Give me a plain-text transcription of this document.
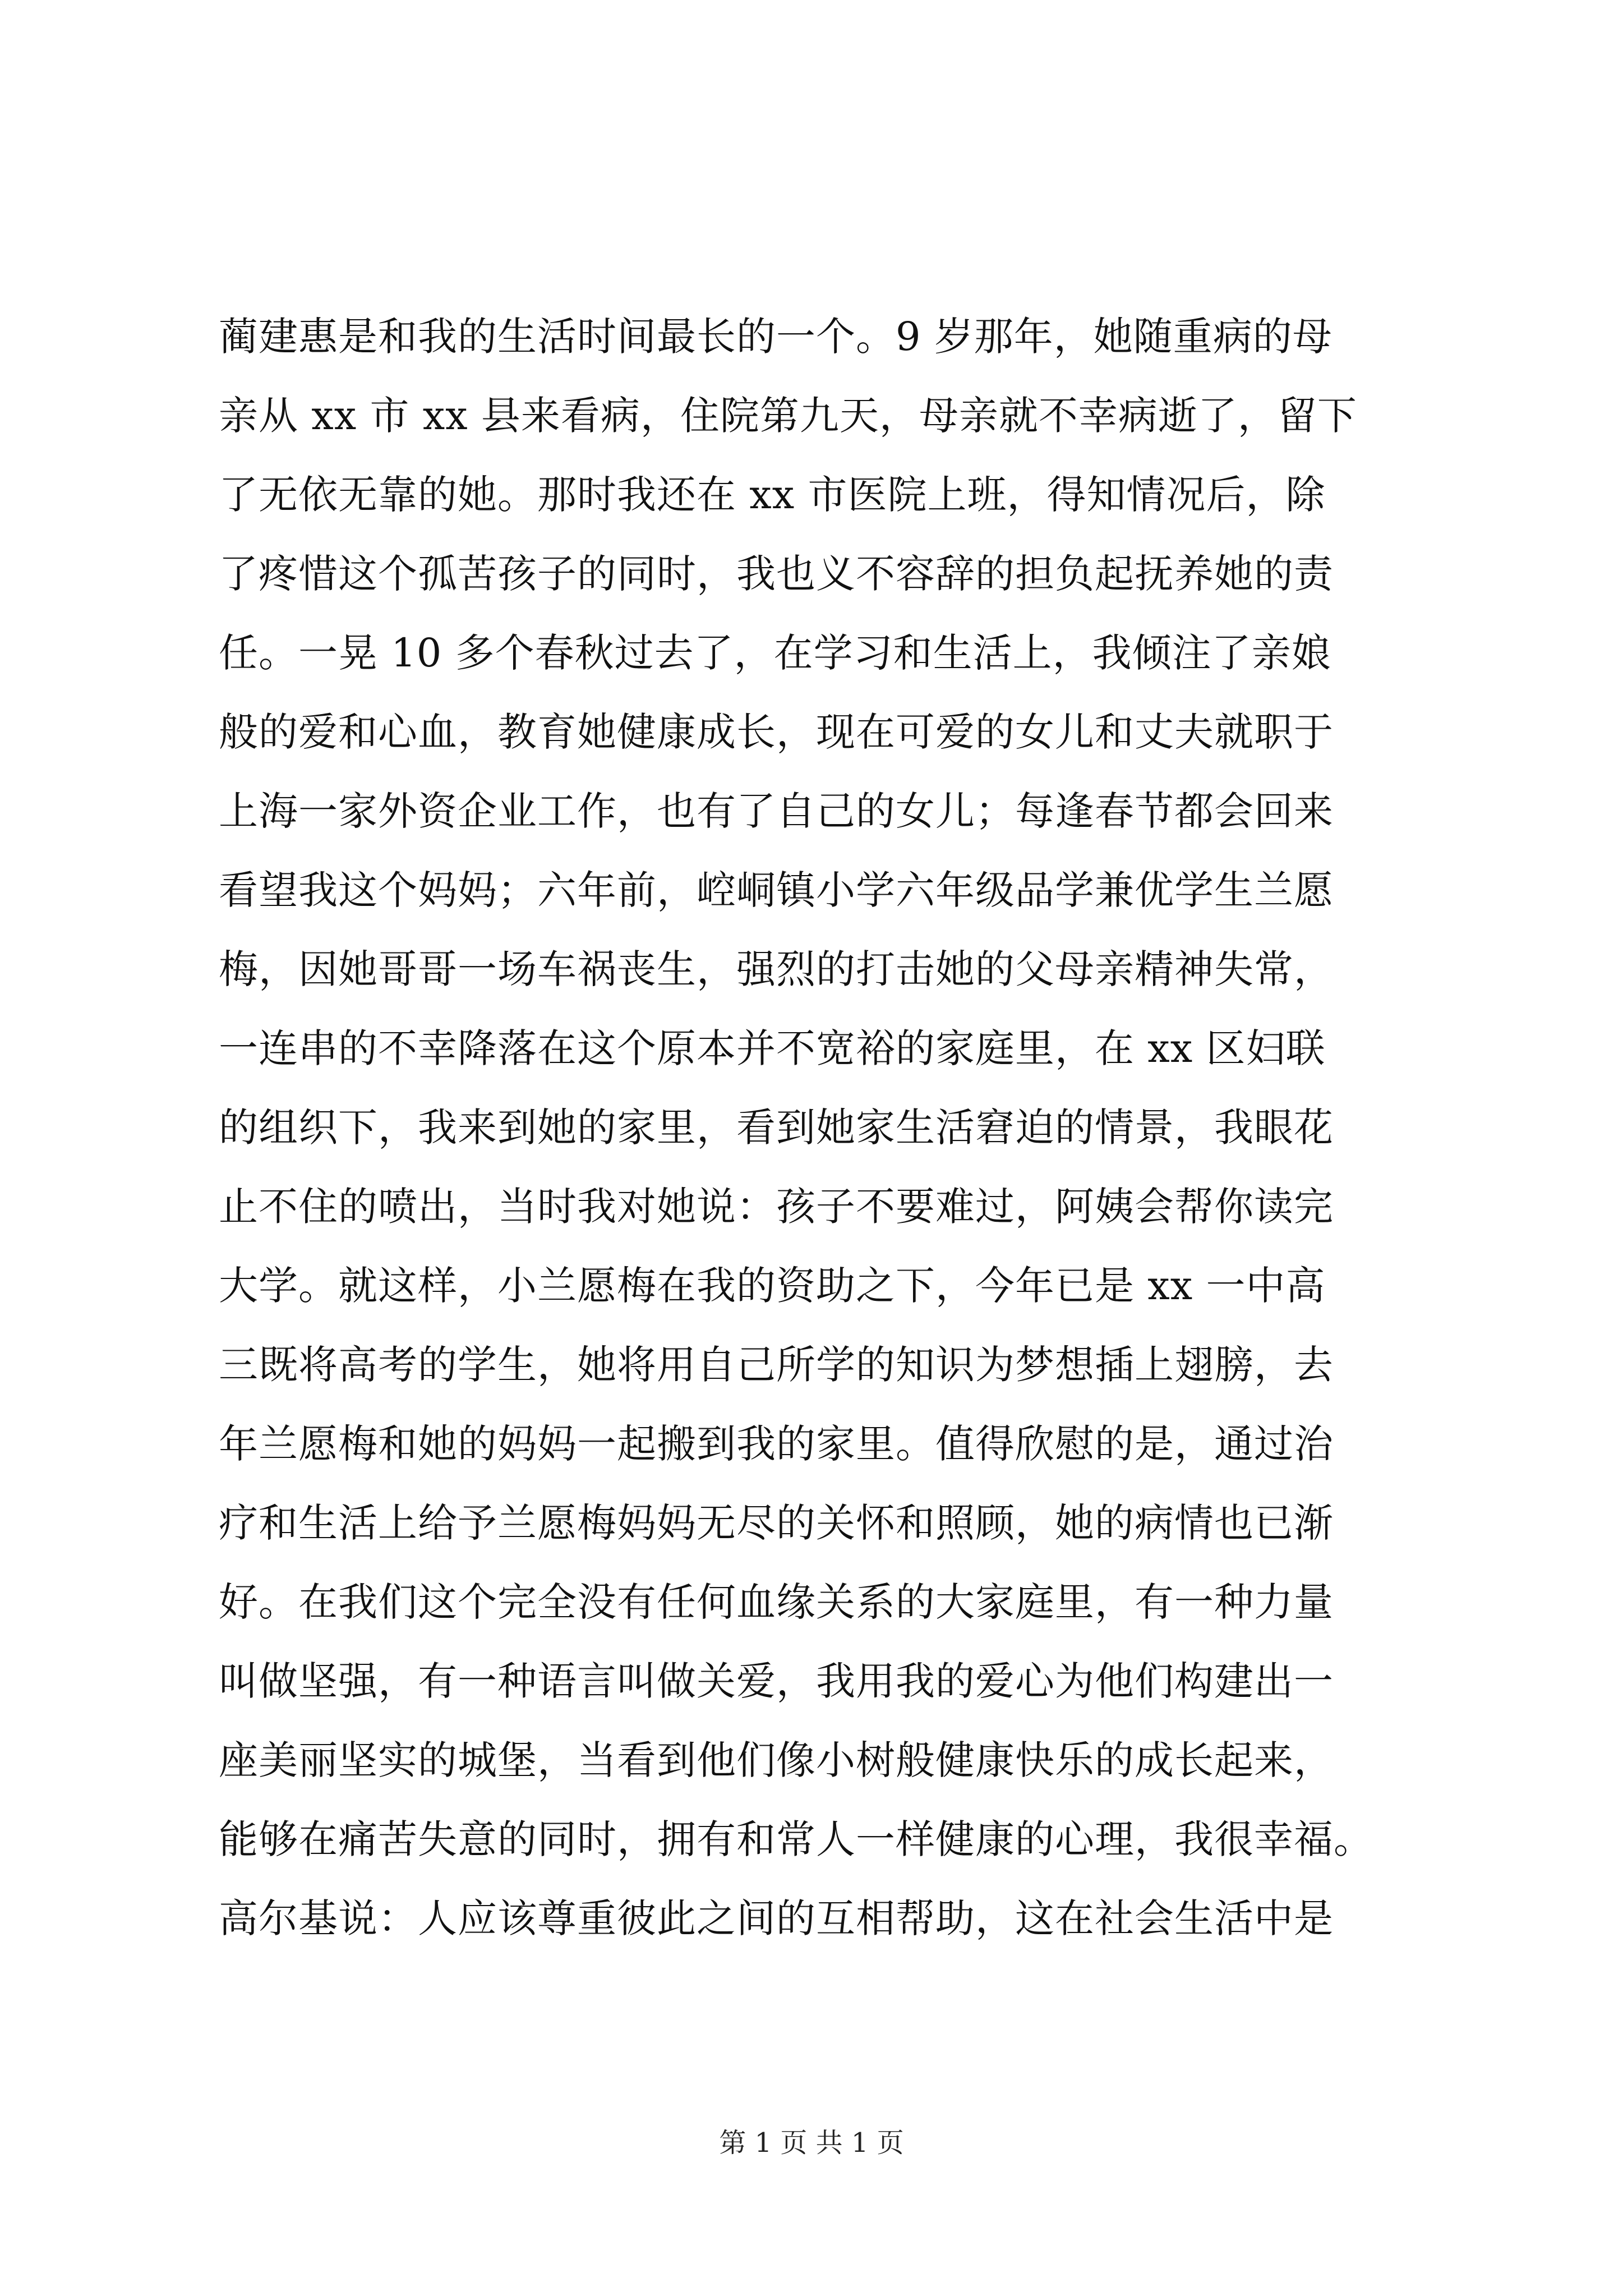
蔺建惠是和我的生活时间最长的一个。9 岁那年，她随重病的母
亲从 xx 市 xx 县来看病，住院第九天，母亲就不幸病逝了，留下
了无依无靠的她。那时我还在 xx 市医院上班，得知情况后，除
了疼惜这个孤苦孩子的同时，我也义不容辞的担负起抚养她的责
任。一晃 10 多个春秋过去了，在学习和生活上，我倾注了亲娘
般的爱和心血，教育她健康成长，现在可爱的女儿和丈夫就职于
上海一家外资企业工作，也有了自己的女儿；每逢春节都会回来
看望我这个妈妈；六年前，崆峒镇小学六年级品学兼优学生兰愿
梅，因她哥哥一场车祸丧生，强烈的打击她的父母亲精神失常，
一连串的不幸降落在这个原本并不宽裕的家庭里，在 xx 区妇联
的组织下，我来到她的家里，看到她家生活窘迫的情景，我眼花
止不住的喷出，当时我对她说：孩子不要难过，阿姨会帮你读完
大学。就这样，小兰愿梅在我的资助之下，今年已是 xx 一中高
三既将高考的学生，她将用自己所学的知识为梦想插上翅膀，去
年兰愿梅和她的妈妈一起搬到我的家里。值得欣慰的是，通过治
疗和生活上给予兰愿梅妈妈无尽的关怀和照顾，她的病情也已渐
好。在我们这个完全没有任何血缘关系的大家庭里，有一种力量
叫做坚强，有一种语言叫做关爱，我用我的爱心为他们构建出一
座美丽坚实的城堡，当看到他们像小树般健康快乐的成长起来，
能够在痛苦失意的同时，拥有和常人一样健康的心理，我很幸福。
高尔基说：人应该尊重彼此之间的互相帮助，这在社会生活中是
第 1 页 共 1 页
